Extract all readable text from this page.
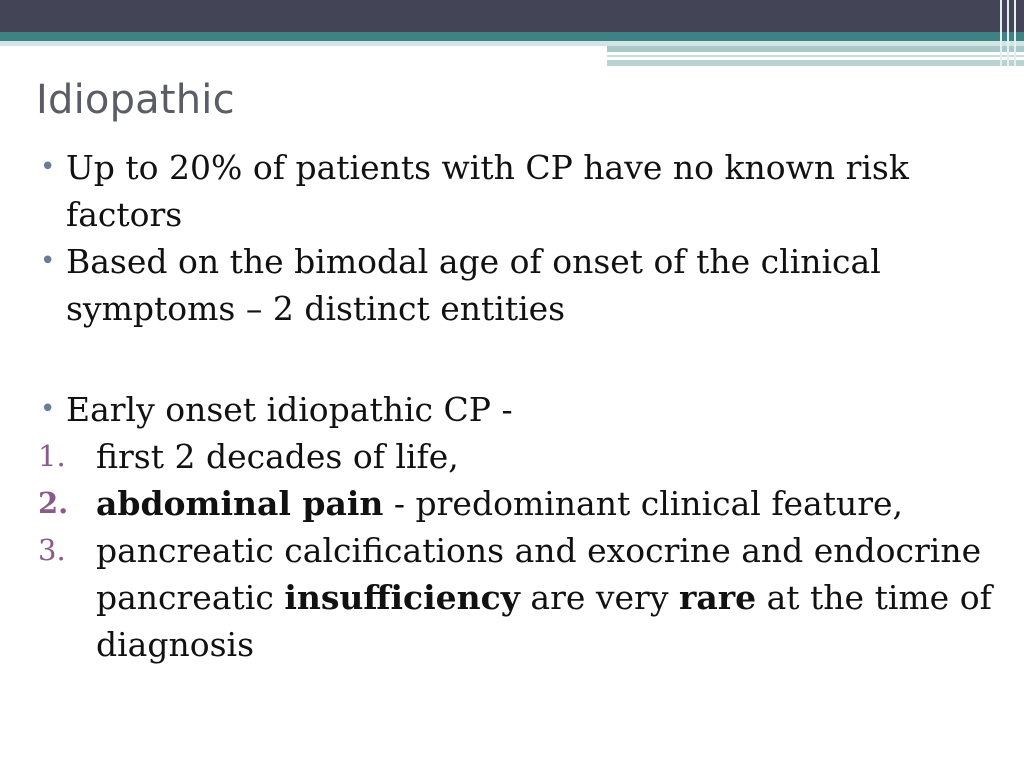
Idiopathic
• Up to 20% of patients with CP have no known risk factors
• Based on the bimodal age of onset of the clinical symptoms – 2 distinct entities
• Early onset idiopathic CP -
1. first 2 decades of life,
2. abdominal pain - predominant clinical feature,
3. pancreatic calcifications and exocrine and endocrine pancreatic insufficiency are very rare at the time of diagnosis
